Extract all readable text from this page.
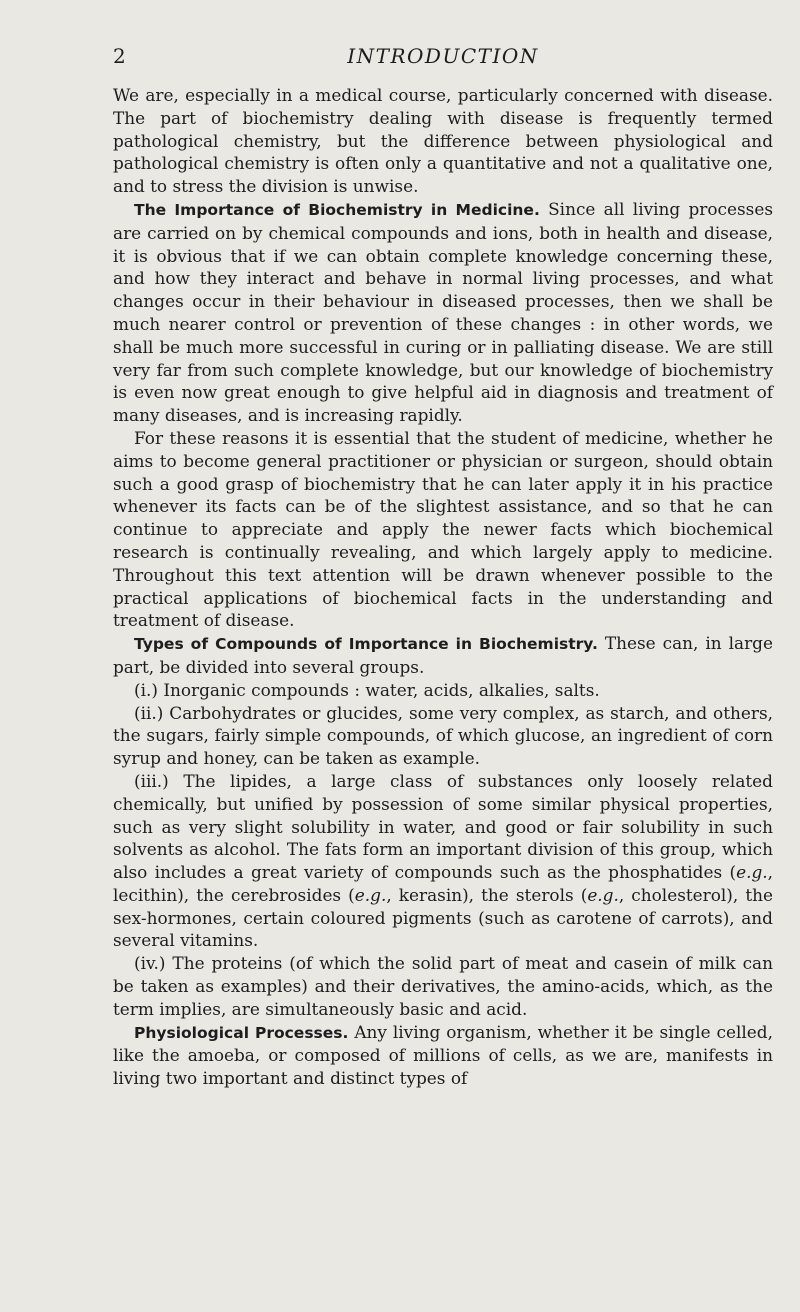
2	INTRODUCTION

We are, especially in a medical course, particularly concerned with disease. The part of biochemistry dealing with disease is frequently termed pathological chemistry, but the difference between physiological and pathological chemistry is often only a quantitative and not a qualitative one, and to stress the division is unwise.

The Importance of Biochemistry in Medicine. Since all living processes are carried on by chemical compounds and ions, both in health and disease, it is obvious that if we can obtain complete knowledge concerning these, and how they interact and behave in normal living processes, and what changes occur in their behaviour in diseased processes, then we shall be much nearer control or prevention of these changes : in other words, we shall be much more successful in curing or in palliating disease. We are still very far from such complete knowledge, but our knowledge of biochemistry is even now great enough to give helpful aid in diagnosis and treatment of many diseases, and is increasing rapidly.

For these reasons it is essential that the student of medicine, whether he aims to become general practitioner or physician or surgeon, should obtain such a good grasp of biochemistry that he can later apply it in his practice whenever its facts can be of the slightest assistance, and so that he can continue to appreciate and apply the newer facts which biochemical research is continually revealing, and which largely apply to medicine. Throughout this text attention will be drawn whenever possible to the practical applications of biochemical facts in the understanding and treatment of disease.

Types of Compounds of Importance in Biochemistry. These can, in large part, be divided into several groups.

(i.) Inorganic compounds : water, acids, alkalies, salts.

(ii.) Carbohydrates or glucides, some very complex, as starch, and others, the sugars, fairly simple compounds, of which glucose, an ingredient of corn syrup and honey, can be taken as example.

(iii.) The lipides, a large class of substances only loosely related chemically, but unified by possession of some similar physical properties, such as very slight solubility in water, and good or fair solubility in such solvents as alcohol. The fats form an important division of this group, which also includes a great variety of compounds such as the phosphatides (e.g., lecithin), the cerebrosides (e.g., kerasin), the sterols (e.g., cholesterol), the sex-hormones, certain coloured pigments (such as carotene of carrots), and several vitamins.

(iv.) The proteins (of which the solid part of meat and casein of milk can be taken as examples) and their derivatives, the amino-acids, which, as the term implies, are simultaneously basic and acid.

Physiological Processes. Any living organism, whether it be single celled, like the amoeba, or composed of millions of cells, as we are, manifests in living two important and distinct types of
